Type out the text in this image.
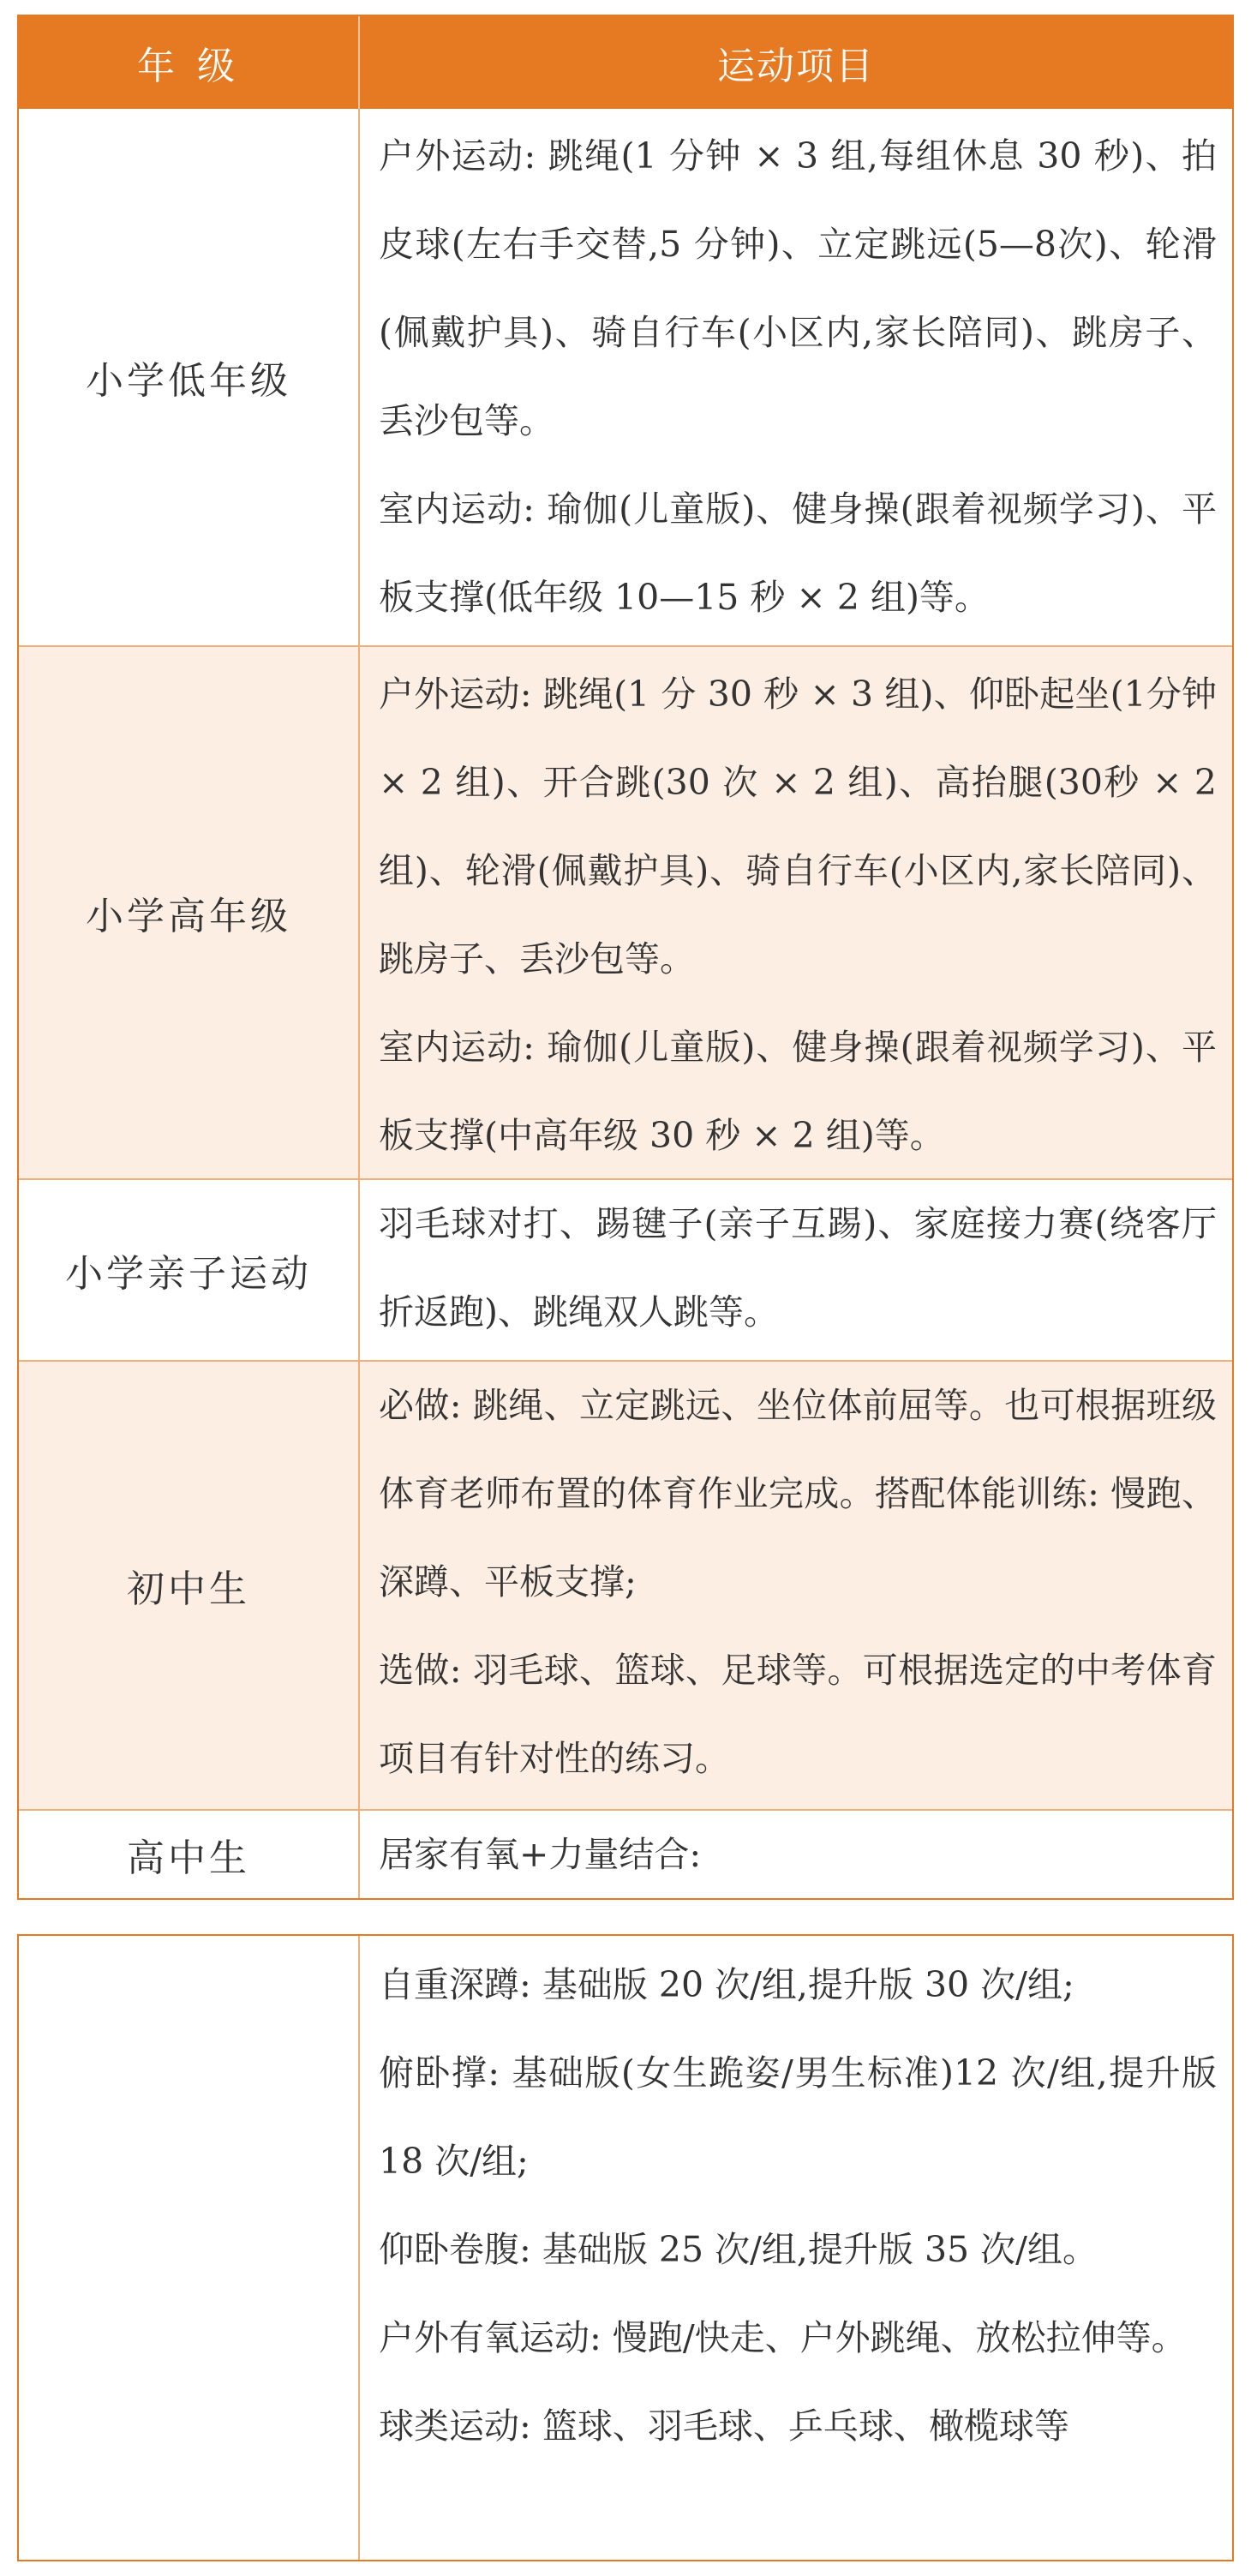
年 级	运动项目
小学低年级

户外运动: 跳绳(1 分钟 × 3 组,每组休息 30 秒)、拍皮球(左右手交替,5 分钟)、立定跳远(5—8次)、轮滑(佩戴护具)、骑自行车(小区内,家长陪同)、跳房子、丢沙包等。

室内运动: 瑜伽(儿童版)、健身操(跟着视频学习)、平板支撑(低年级 10—15 秒 × 2 组)等。

小学高年级

户外运动: 跳绳(1 分 30 秒 × 3 组)、仰卧起坐(1分钟 × 2 组)、开合跳(30 次 × 2 组)、高抬腿(30秒 × 2 组)、轮滑(佩戴护具)、骑自行车(小区内,家长陪同)、跳房子、丢沙包等。

室内运动: 瑜伽(儿童版)、健身操(跟着视频学习)、平板支撑(中高年级 30 秒 × 2 组)等。

小学亲子运动

羽毛球对打、踢毽子(亲子互踢)、家庭接力赛(绕客厅折返跑)、跳绳双人跳等。

初中生

必做: 跳绳、立定跳远、坐位体前屈等。也可根据班级体育老师布置的体育作业完成。搭配体能训练: 慢跑、深蹲、平板支撑;

选做: 羽毛球、篮球、足球等。可根据选定的中考体育项目有针对性的练习。

高中生	居家有氧+力量结合:

自重深蹲: 基础版 20 次/组,提升版 30 次/组;

俯卧撑: 基础版(女生跪姿/男生标准)12 次/组,提升版 18 次/组;

仰卧卷腹: 基础版 25 次/组,提升版 35 次/组。

户外有氧运动: 慢跑/快走、户外跳绳、放松拉伸等。

球类运动: 篮球、羽毛球、乒乓球、橄榄球等
